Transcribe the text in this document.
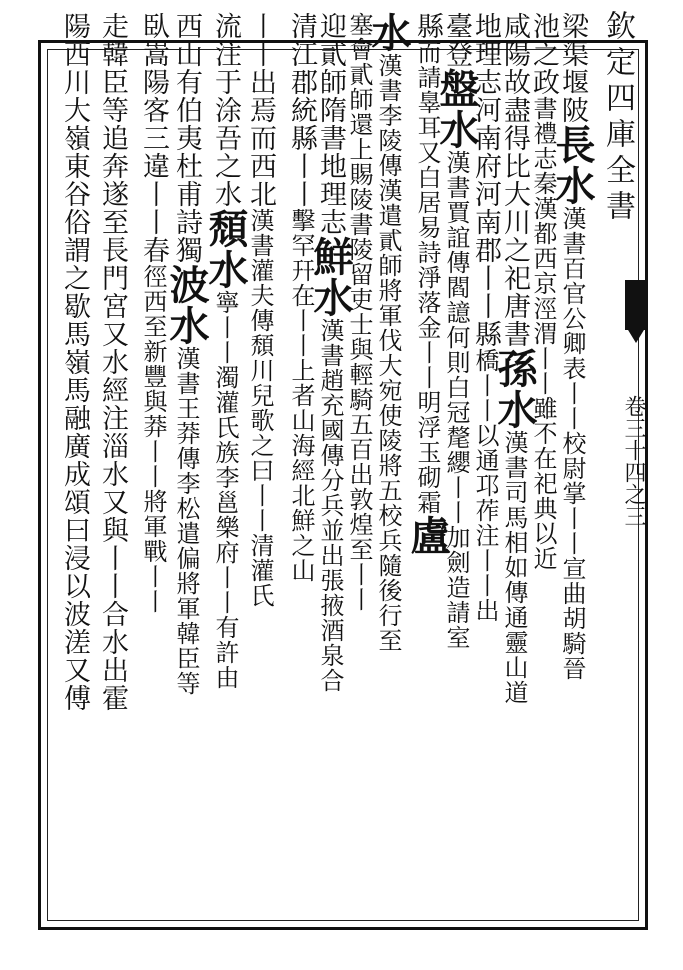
欽定四庫全書
卷三十四之三
梁渠堰陂長水漢書百官公卿表丨丨校尉掌丨丨宣曲胡騎晉
池之政書禮志秦漢都西京涇渭丨丨雖不在祀典以近
咸陽故盡得比大川之祀唐書孫水漢書司馬相如傳通靈山道
地理志河南府河南郡丨丨縣橋丨丨以通邛莋注丨丨出
臺登盤水漢書賈誼傳閻譩何則白冠氂纓丨丨加劍造請室
縣而請辠耳又白居易詩淨落金丨丨明浮玉砌霜盧
水漢書李陵傳漢遣貳師將軍伐大宛使陵將五校兵隨後行至
塞會貳師還上賜陵書陵留吏士與輕騎五百出敦煌至丨丨
迎貳師隋書地理志鮮水漢書趙充國傳分兵並出張掖酒泉合
清江郡統縣丨丨擊罕幵在丨丨上者山海經北鮮之山
丨丨出焉而西北漢書灌夫傳頹川兒歌之曰丨丨清灌氏
流注于涂吾之水頹水寧丨丨濁灌氏族李邕樂府丨丨有許由
西山有伯夷杜甫詩獨波水漢書王莽傳李松遣偏將軍韓臣等
臥嵩陽客三違丨丨春徑西至新豐與莽丨丨將軍戰丨丨
走韓臣等追奔遂至長門宮又水經注淄水又與丨丨合水出霍
陽西川大嶺東谷俗謂之歇馬嶺馬融廣成頌曰浸以波溠又傅
